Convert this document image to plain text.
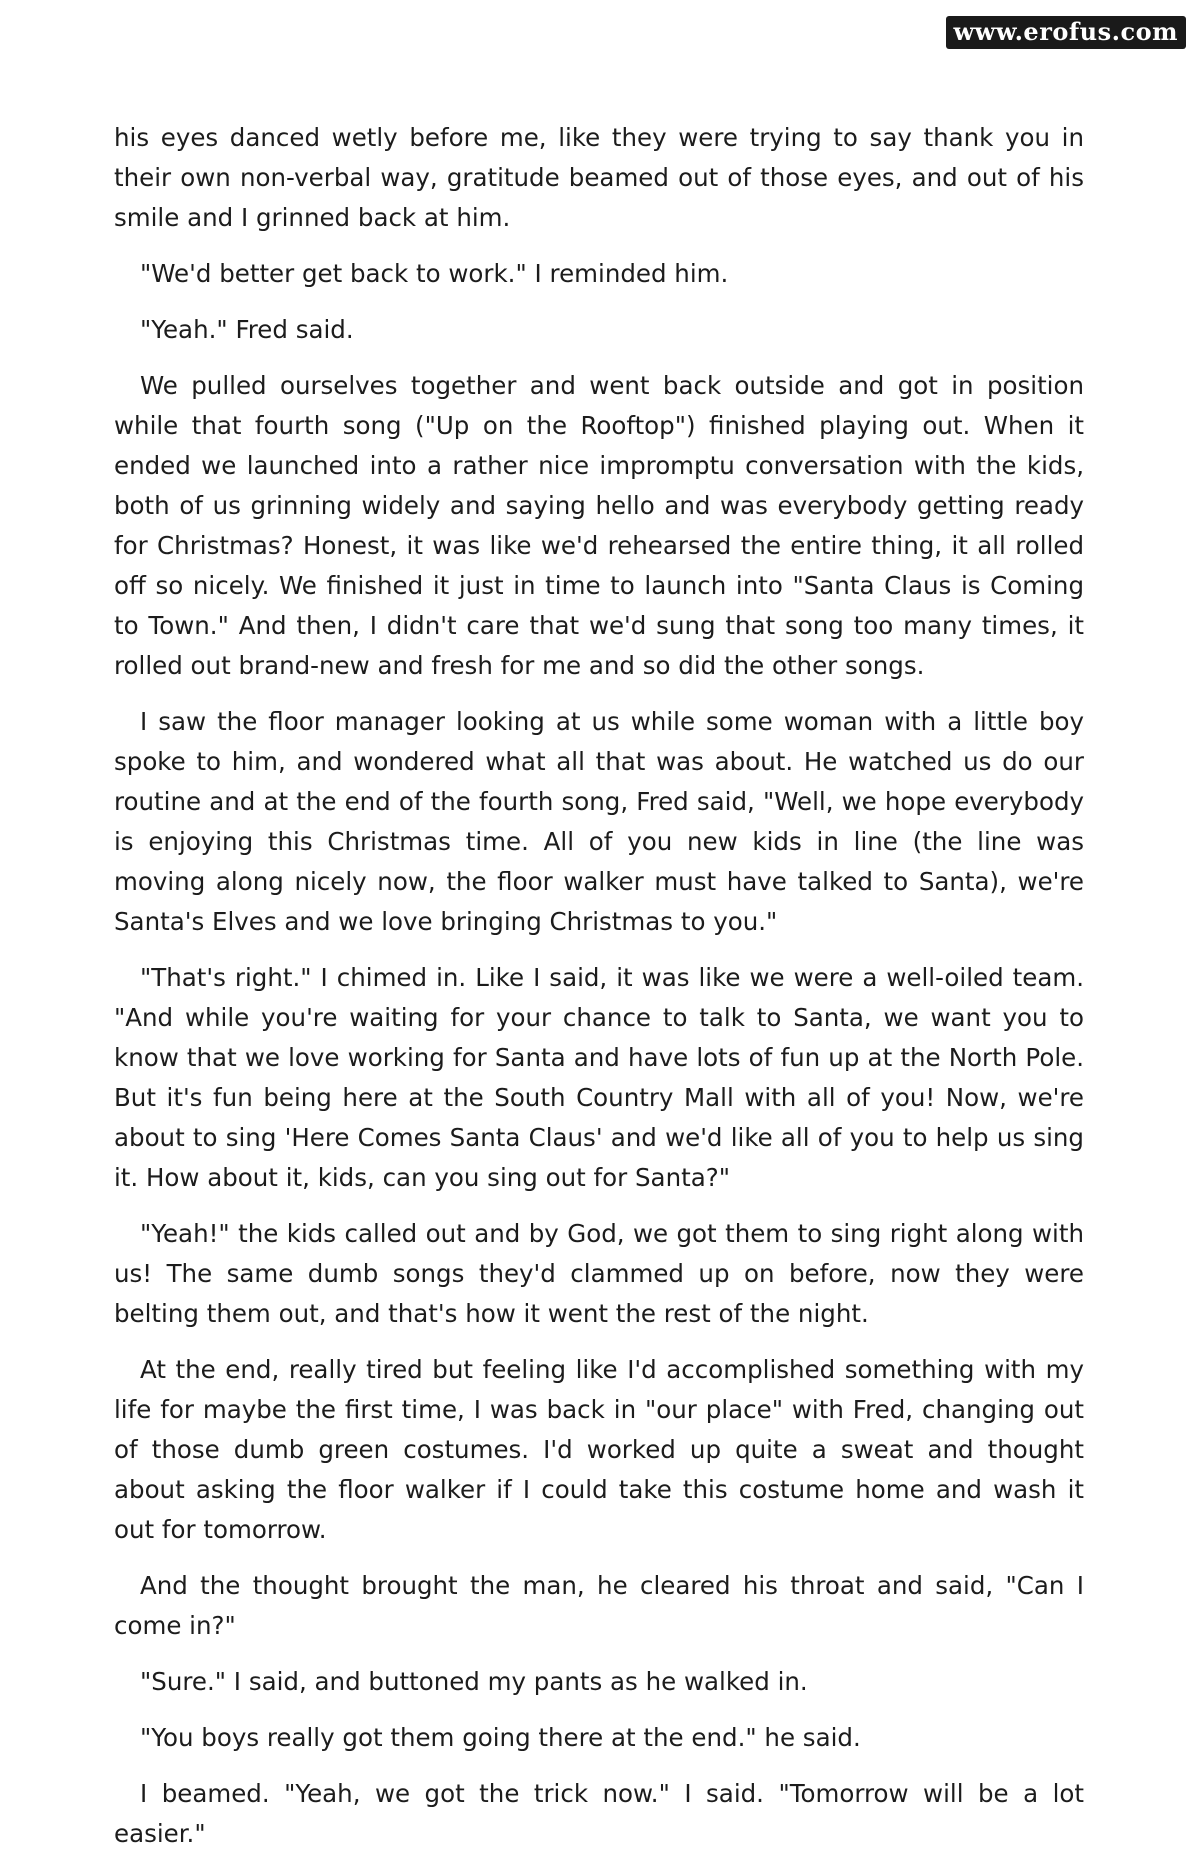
www.erofus.com

his eyes danced wetly before me, like they were trying to say thank you in their own non-verbal way, gratitude beamed out of those eyes, and out of his smile and I grinned back at him.

"We'd better get back to work." I reminded him.

"Yeah." Fred said.

We pulled ourselves together and went back outside and got in position while that fourth song ("Up on the Rooftop") finished playing out. When it ended we launched into a rather nice impromptu conversation with the kids, both of us grinning widely and saying hello and was everybody getting ready for Christmas? Honest, it was like we'd rehearsed the entire thing, it all rolled off so nicely. We finished it just in time to launch into "Santa Claus is Coming to Town." And then, I didn't care that we'd sung that song too many times, it rolled out brand-new and fresh for me and so did the other songs.

I saw the floor manager looking at us while some woman with a little boy spoke to him, and wondered what all that was about. He watched us do our routine and at the end of the fourth song, Fred said, "Well, we hope everybody is enjoying this Christmas time. All of you new kids in line (the line was moving along nicely now, the floor walker must have talked to Santa), we're Santa's Elves and we love bringing Christmas to you."

"That's right." I chimed in. Like I said, it was like we were a well-oiled team. "And while you're waiting for your chance to talk to Santa, we want you to know that we love working for Santa and have lots of fun up at the North Pole. But it's fun being here at the South Country Mall with all of you! Now, we're about to sing 'Here Comes Santa Claus' and we'd like all of you to help us sing it. How about it, kids, can you sing out for Santa?"

"Yeah!" the kids called out and by God, we got them to sing right along with us! The same dumb songs they'd clammed up on before, now they were belting them out, and that's how it went the rest of the night.

At the end, really tired but feeling like I'd accomplished something with my life for maybe the first time, I was back in "our place" with Fred, changing out of those dumb green costumes. I'd worked up quite a sweat and thought about asking the floor walker if I could take this costume home and wash it out for tomorrow.

And the thought brought the man, he cleared his throat and said, "Can I come in?"

"Sure." I said, and buttoned my pants as he walked in.

"You boys really got them going there at the end." he said.

I beamed. "Yeah, we got the trick now." I said. "Tomorrow will be a lot easier."
